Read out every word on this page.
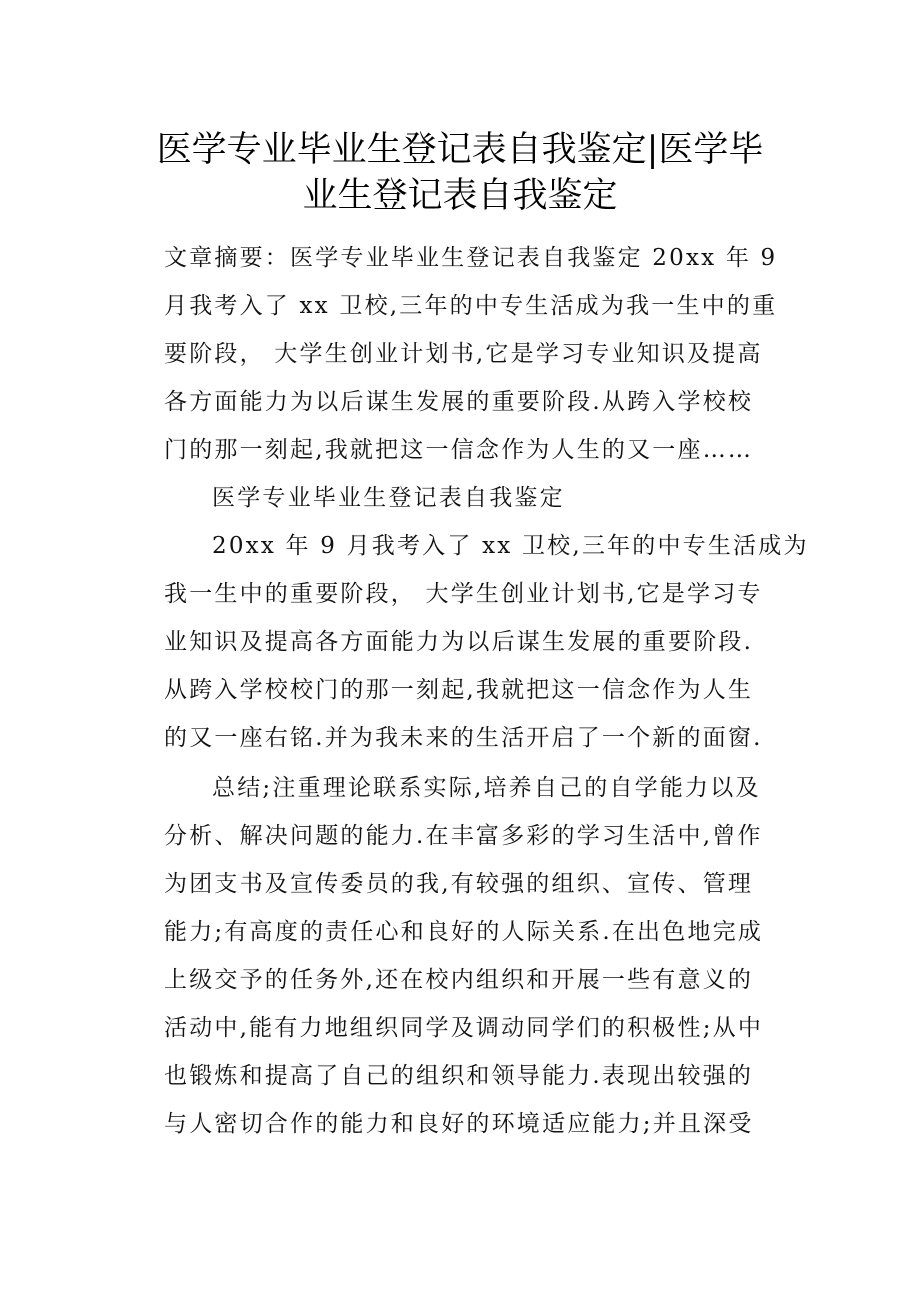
医学专业毕业生登记表自我鉴定|医学毕
业生登记表自我鉴定
文章摘要：医学专业毕业生登记表自我鉴定 20xx 年 9
月我考入了 xx 卫校,三年的中专生活成为我一生中的重
要阶段， 大学生创业计划书,它是学习专业知识及提高
各方面能力为以后谋生发展的重要阶段.从跨入学校校
门的那一刻起,我就把这一信念作为人生的又一座……
医学专业毕业生登记表自我鉴定
20xx 年 9 月我考入了 xx 卫校,三年的中专生活成为
我一生中的重要阶段， 大学生创业计划书,它是学习专
业知识及提高各方面能力为以后谋生发展的重要阶段.
从跨入学校校门的那一刻起,我就把这一信念作为人生
的又一座右铭.并为我未来的生活开启了一个新的面窗.
总结;注重理论联系实际,培养自己的自学能力以及
分析、解决问题的能力.在丰富多彩的学习生活中,曾作
为团支书及宣传委员的我,有较强的组织、宣传、管理
能力;有高度的责任心和良好的人际关系.在出色地完成
上级交予的任务外,还在校内组织和开展一些有意义的
活动中,能有力地组织同学及调动同学们的积极性;从中
也锻炼和提高了自己的组织和领导能力.表现出较强的
与人密切合作的能力和良好的环境适应能力;并且深受
